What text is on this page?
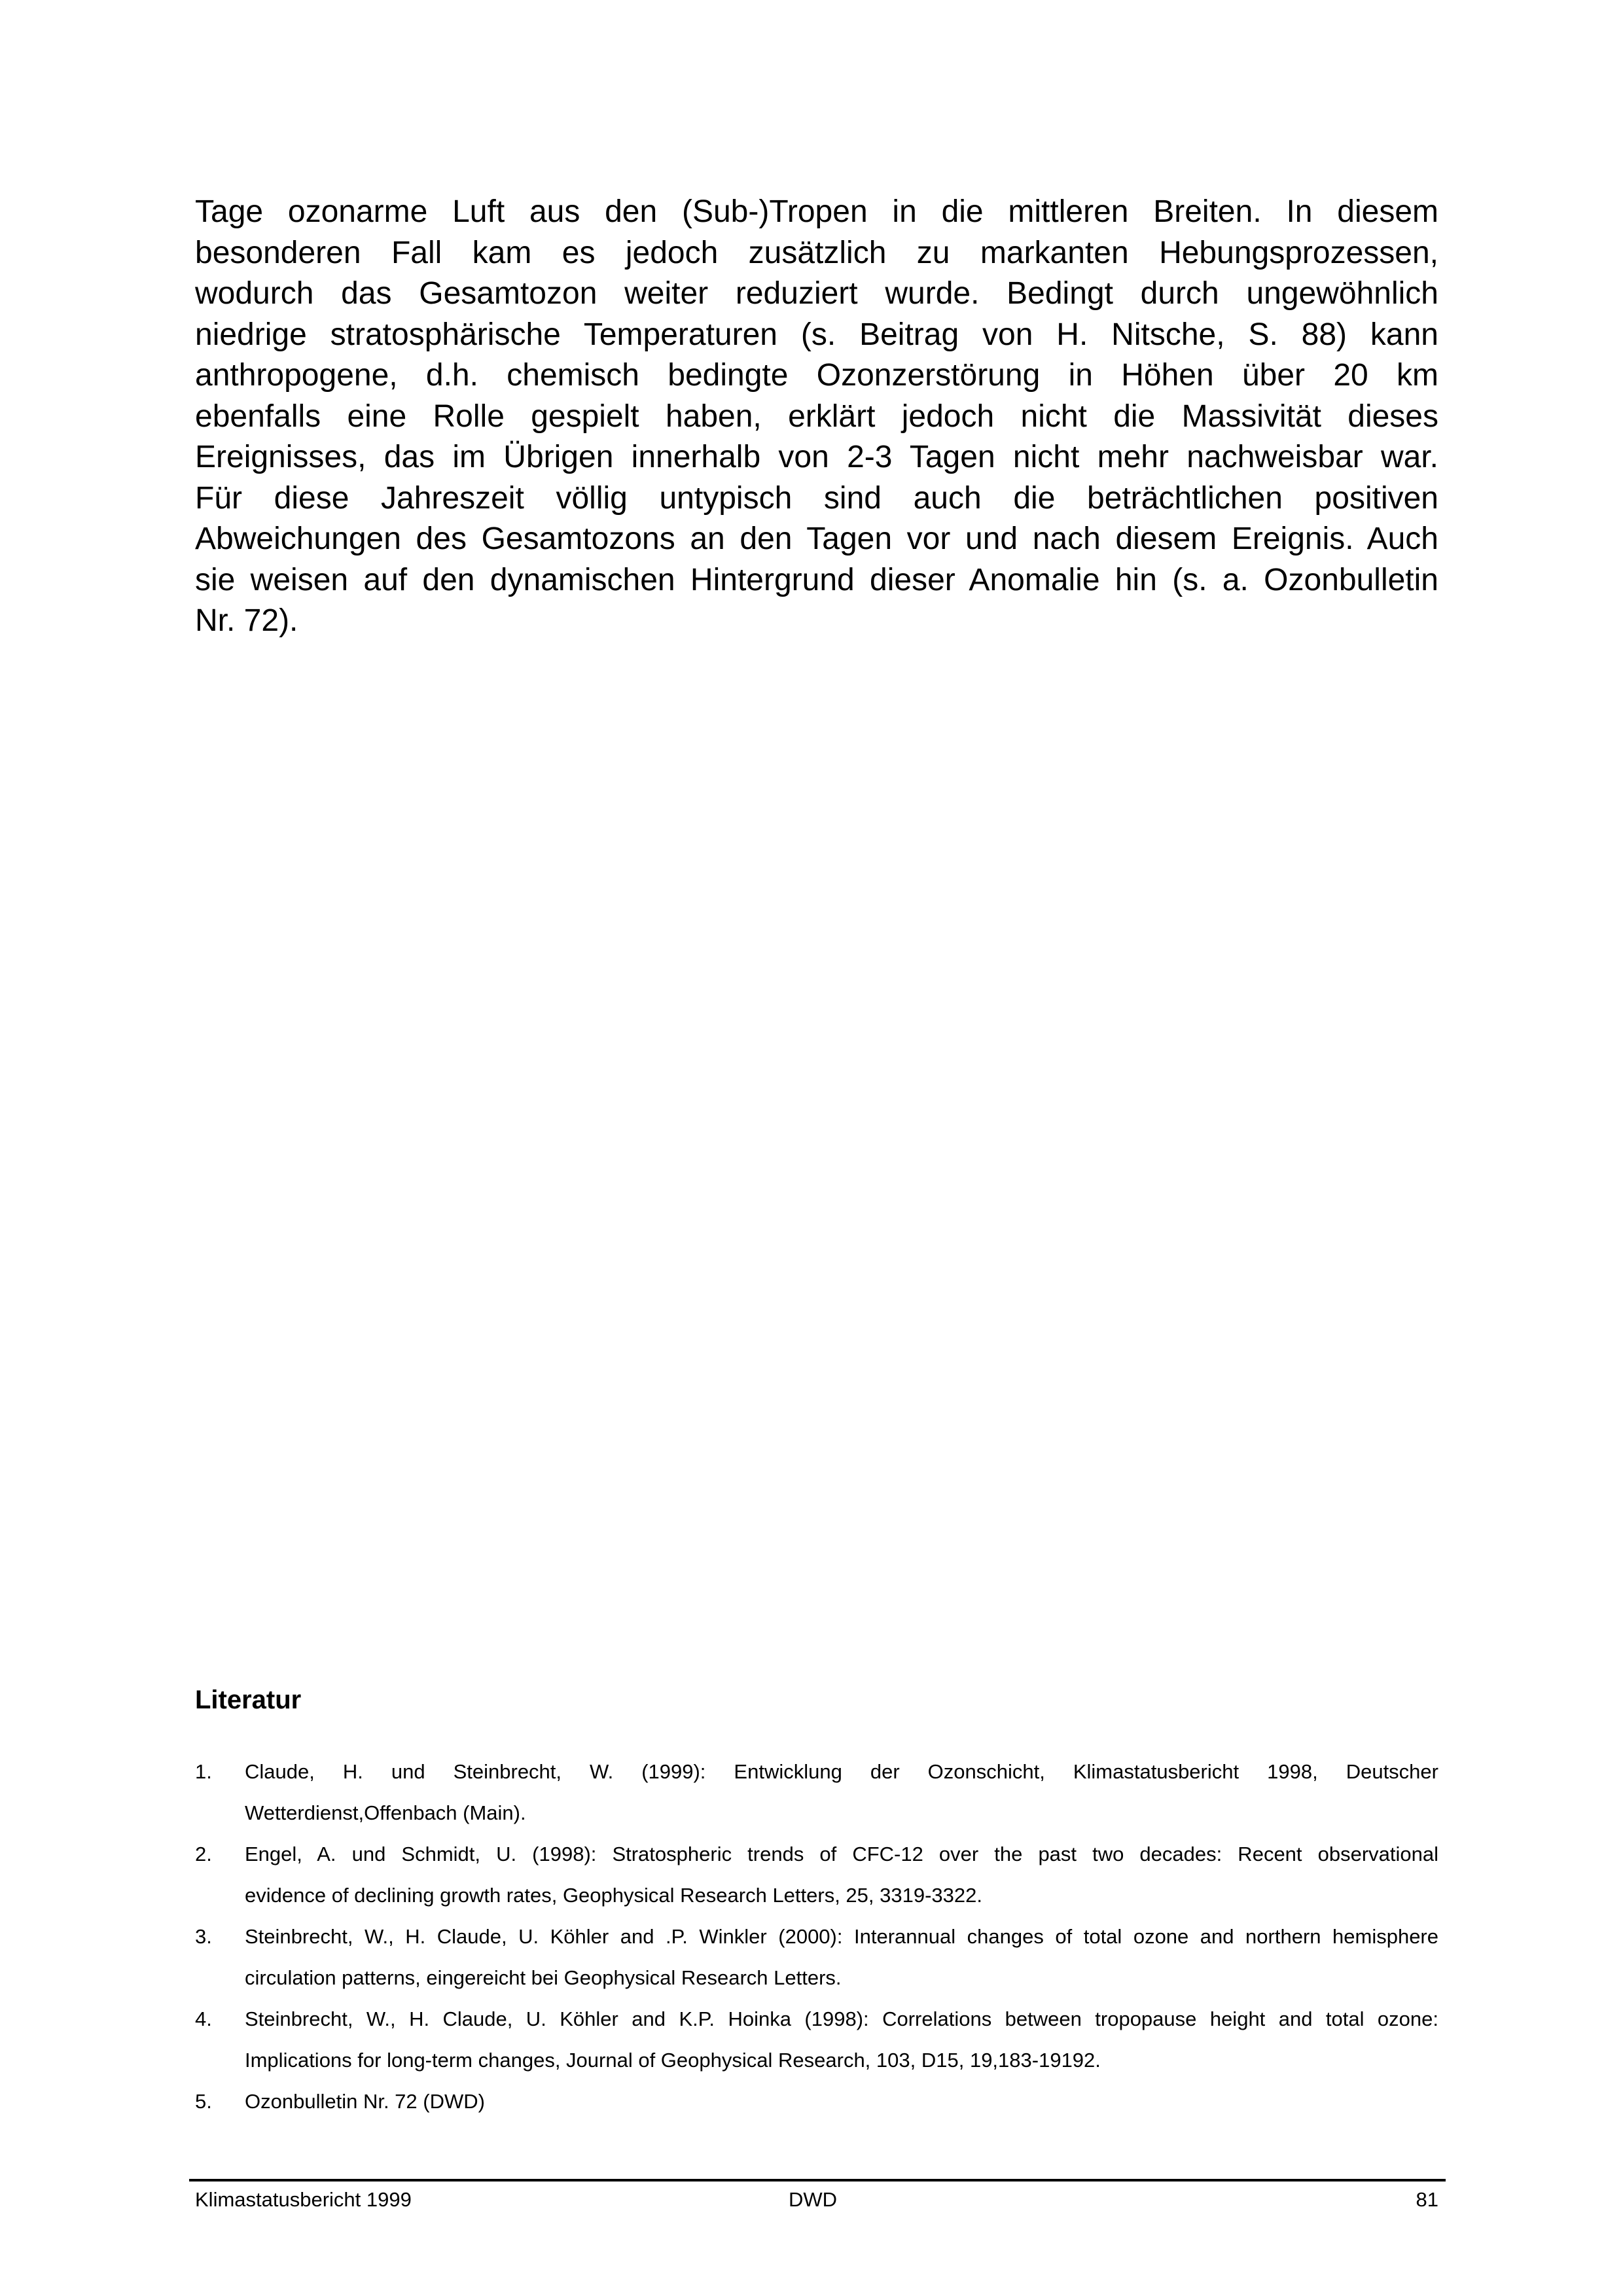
Tage ozonarme Luft aus den (Sub-)Tropen in die mittleren Breiten. In diesem
besonderen Fall kam es jedoch zusätzlich zu markanten Hebungsprozessen,
wodurch das Gesamtozon weiter reduziert wurde. Bedingt durch ungewöhnlich
niedrige stratosphärische Temperaturen (s. Beitrag von H. Nitsche, S. 88) kann
anthropogene, d.h. chemisch bedingte Ozonzerstörung in Höhen über 20 km
ebenfalls eine Rolle gespielt haben, erklärt jedoch nicht die Massivität dieses
Ereignisses, das im Übrigen innerhalb von 2-3 Tagen nicht mehr nachweisbar war.
Für diese Jahreszeit völlig untypisch sind auch die beträchtlichen positiven
Abweichungen des Gesamtozons an den Tagen vor und nach diesem Ereignis. Auch
sie weisen auf den dynamischen Hintergrund dieser Anomalie hin (s. a. Ozonbulletin
Nr. 72).
Literatur
1. Claude, H. und Steinbrecht, W. (1999): Entwicklung der Ozonschicht, Klimastatusbericht 1998, Deutscher
Wetterdienst,Offenbach (Main).
2. Engel, A. und Schmidt, U. (1998): Stratospheric trends of CFC-12 over the past two decades: Recent observational
evidence of declining growth rates, Geophysical Research Letters, 25, 3319-3322.
3. Steinbrecht, W., H. Claude, U. Köhler and .P. Winkler (2000): Interannual changes of total ozone and northern hemisphere
circulation patterns, eingereicht bei Geophysical Research Letters.
4. Steinbrecht, W., H. Claude, U. Köhler and K.P. Hoinka (1998): Correlations between tropopause height and total ozone:
Implications for long-term changes, Journal of Geophysical Research, 103, D15, 19,183-19192.
5. Ozonbulletin Nr. 72 (DWD)
Klimastatusbericht 1999	DWD	81
